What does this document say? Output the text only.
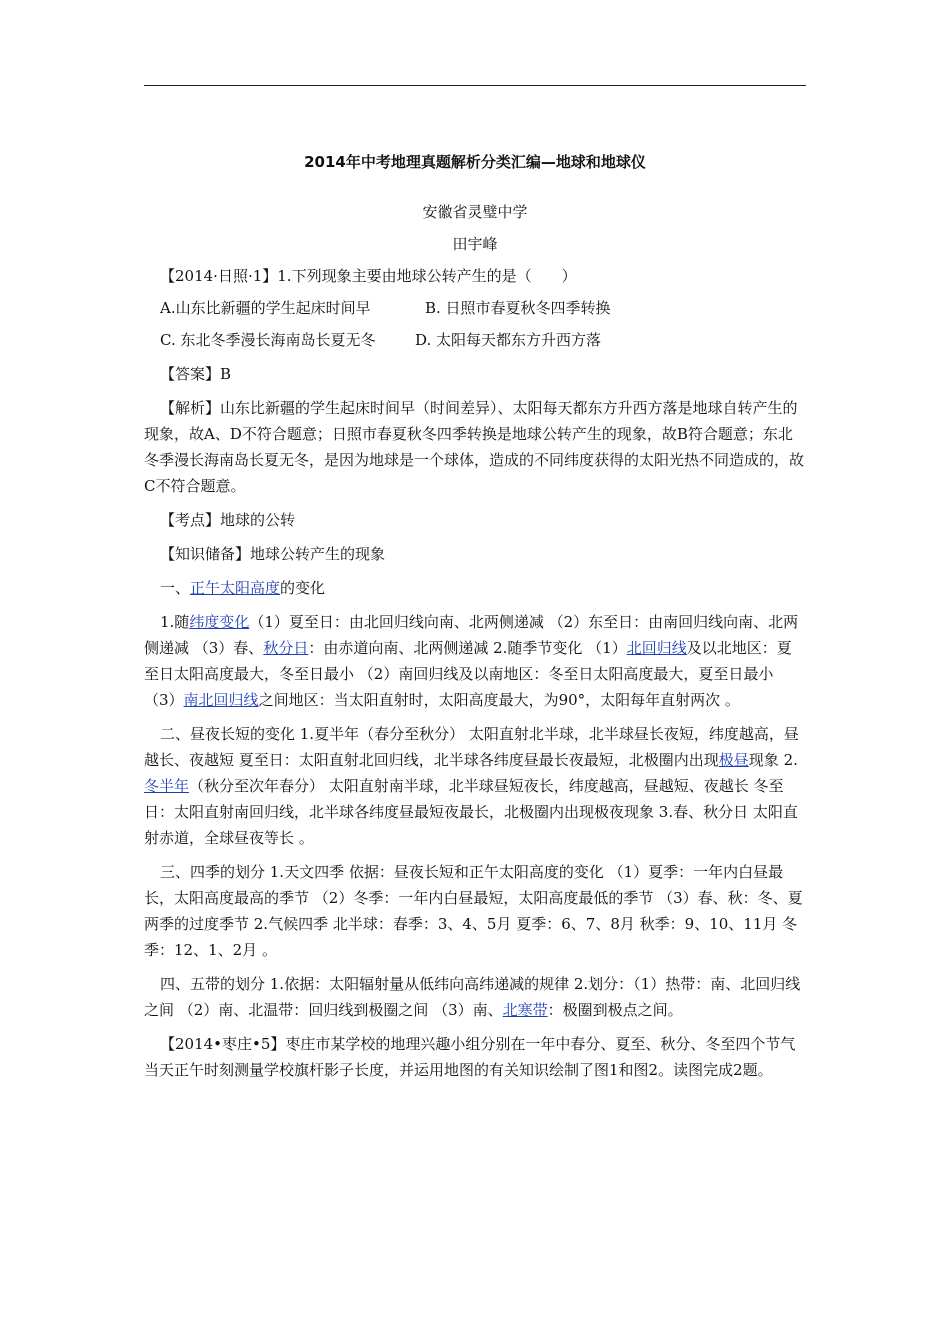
2014年中考地理真题解析分类汇编—地球和地球仪
安徽省灵璧中学
田宇峰

【2014·日照·1】1.下列现象主要由地球公转产生的是（　　）

A.山东比新疆的学生起床时间早	B. 日照市春夏秋冬四季转换
C. 东北冬季漫长海南岛长夏无冬	D. 太阳每天都东方升西方落

【答案】B

【解析】山东比新疆的学生起床时间早（时间差异）、太阳每天都东方升西方落是地球自转产生的现象，故A、D不符合题意；日照市春夏秋冬四季转换是地球公转产生的现象，故B符合题意；东北冬季漫长海南岛长夏无冬，是因为地球是一个球体，造成的不同纬度获得的太阳光热不同造成的，故C不符合题意。

【考点】地球的公转

【知识储备】地球公转产生的现象

一、正午太阳高度的变化

1.随纬度变化（1）夏至日：由北回归线向南、北两侧递减 （2）东至日：由南回归线向南、北两侧递减 （3）春、秋分日：由赤道向南、北两侧递减 2.随季节变化 （1）北回归线及以北地区：夏至日太阳高度最大，冬至日最小 （2）南回归线及以南地区：冬至日太阳高度最大，夏至日最小 （3）南北回归线之间地区：当太阳直射时，太阳高度最大，为90°，太阳每年直射两次 。

二、昼夜长短的变化 1.夏半年（春分至秋分） 太阳直射北半球，北半球昼长夜短，纬度越高，昼越长、夜越短 夏至日：太阳直射北回归线，北半球各纬度昼最长夜最短，北极圈内出现极昼现象 2.冬半年（秋分至次年春分） 太阳直射南半球，北半球昼短夜长，纬度越高，昼越短、夜越长 冬至日：太阳直射南回归线，北半球各纬度昼最短夜最长，北极圈内出现极夜现象 3.春、秋分日 太阳直射赤道，全球昼夜等长 。

三、四季的划分 1.天文四季 依据：昼夜长短和正午太阳高度的变化 （1）夏季：一年内白昼最长，太阳高度最高的季节 （2）冬季：一年内白昼最短，太阳高度最低的季节 （3）春、秋：冬、夏两季的过度季节 2.气候四季 北半球：春季：3、4、5月 夏季：6、7、8月 秋季：9、10、11月 冬季：12、1、2月 。

四、五带的划分 1.依据：太阳辐射量从低纬向高纬递减的规律 2.划分：（1）热带：南、北回归线之间 （2）南、北温带：回归线到极圈之间 （3）南、北寒带：极圈到极点之间。

【2014•枣庄•5】枣庄市某学校的地理兴趣小组分别在一年中春分、夏至、秋分、冬至四个节气当天正午时刻测量学校旗杆影子长度，并运用地图的有关知识绘制了图1和图2。读图完成2题。
